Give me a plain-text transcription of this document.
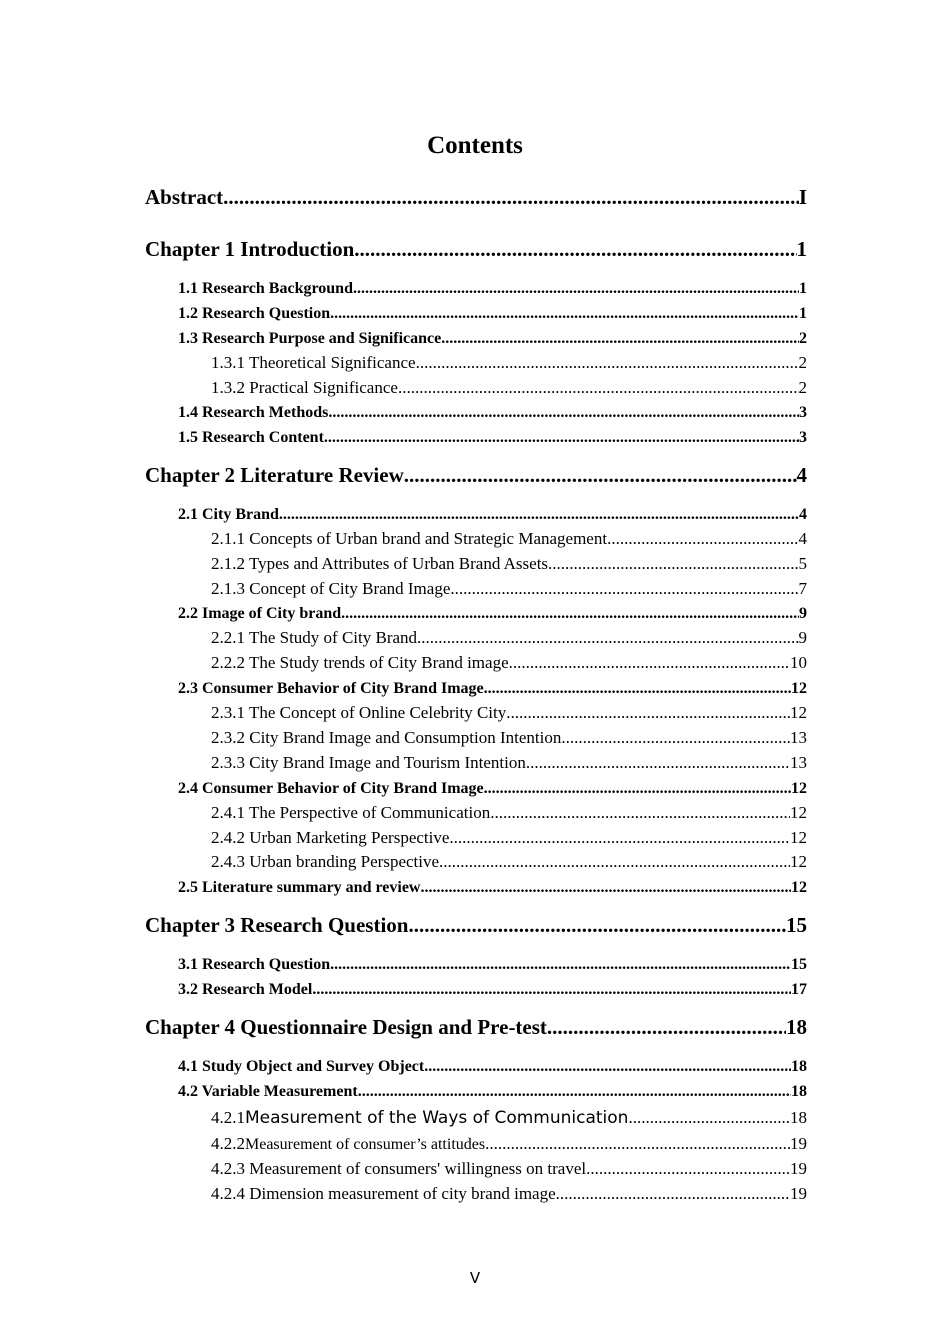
Contents
Abstract .....	I
Chapter 1 Introduction .....	1
1.1 Research Background .....	1
1.2 Research Question .....	1
1.3 Research Purpose and Significance .....	2
1.3.1 Theoretical Significance .....	2
1.3.2 Practical Significance .....	2
1.4 Research Methods .....	3
1.5 Research Content .....	3
Chapter 2 Literature Review .....	4
2.1 City Brand .....	4
2.1.1 Concepts of Urban brand and Strategic Management .....	4
2.1.2 Types and Attributes of Urban Brand Assets .....	5
2.1.3 Concept of City Brand Image .....	7
2.2 Image of City brand .....	9
2.2.1 The Study of City Brand .....	9
2.2.2 The Study trends of City Brand image .....	10
2.3 Consumer Behavior of City Brand Image .....	12
2.3.1 The Concept of Online Celebrity City .....	12
2.3.2 City Brand Image and Consumption Intention .....	13
2.3.3 City Brand Image and Tourism Intention .....	13
2.4 Consumer Behavior of City Brand Image .....	12
2.4.1 The Perspective of Communication .....	12
2.4.2 Urban Marketing Perspective .....	12
2.4.3 Urban branding Perspective .....	12
2.5 Literature summary and review .....	12
Chapter 3 Research Question .....	15
3.1 Research Question .....	15
3.2 Research Model .....	17
Chapter 4 Questionnaire Design and Pre-test .....	18
4.1 Study Object and Survey Object .....	18
4.2 Variable Measurement .....	18
4.2.1 Measurement of the Ways of Communication .....	18
4.2.2 Measurement of consumer’s attitudes .....	19
4.2.3 Measurement of consumers' willingness on travel .....	19
4.2.4 Dimension measurement of city brand image .....	19
V
